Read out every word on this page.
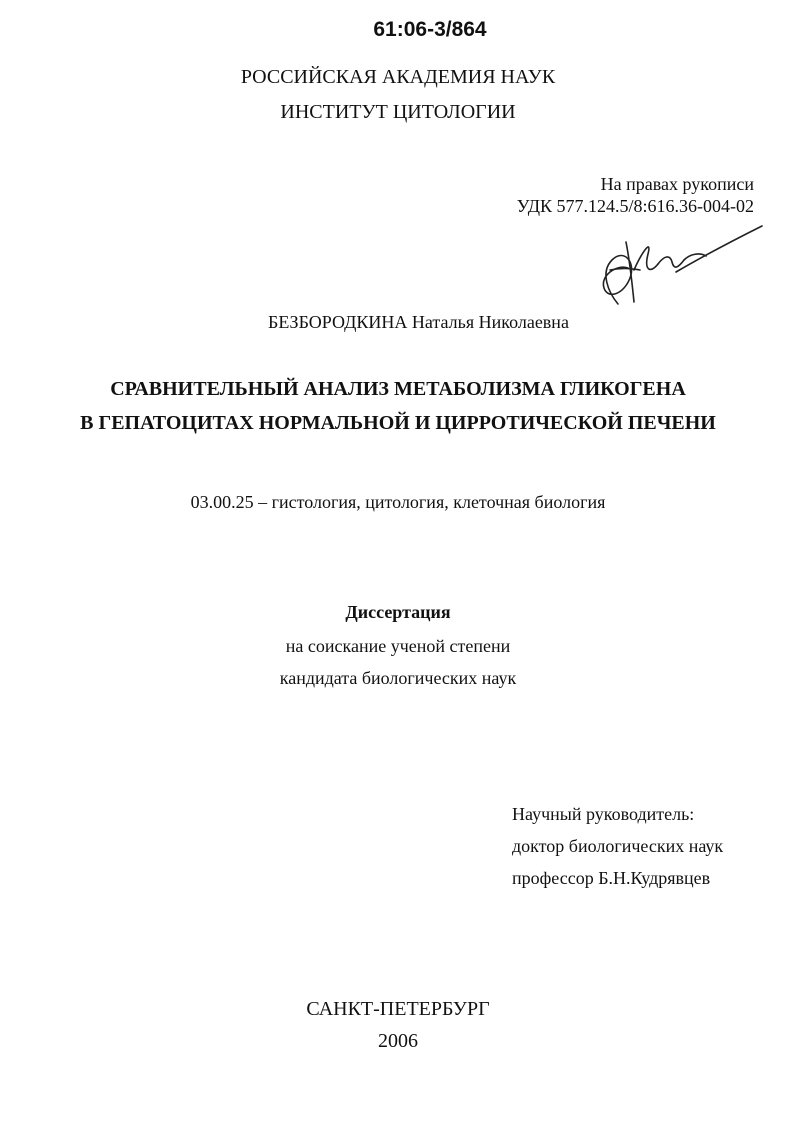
61:06-3/864
РОССИЙСКАЯ АКАДЕМИЯ НАУК
ИНСТИТУТ ЦИТОЛОГИИ
На правах рукописи
УДК 577.124.5/8:616.36-004-02
БЕЗБОРОДКИНА Наталья Николаевна
СРАВНИТЕЛЬНЫЙ АНАЛИЗ МЕТАБОЛИЗМА ГЛИКОГЕНА
В ГЕПАТОЦИТАХ НОРМАЛЬНОЙ И ЦИРРОТИЧЕСКОЙ ПЕЧЕНИ
03.00.25 – гистология, цитология, клеточная биология
Диссертация
на соискание ученой степени
кандидата биологических наук
Научный руководитель:
доктор биологических наук
профессор Б.Н.Кудрявцев
САНКТ-ПЕТЕРБУРГ
2006
